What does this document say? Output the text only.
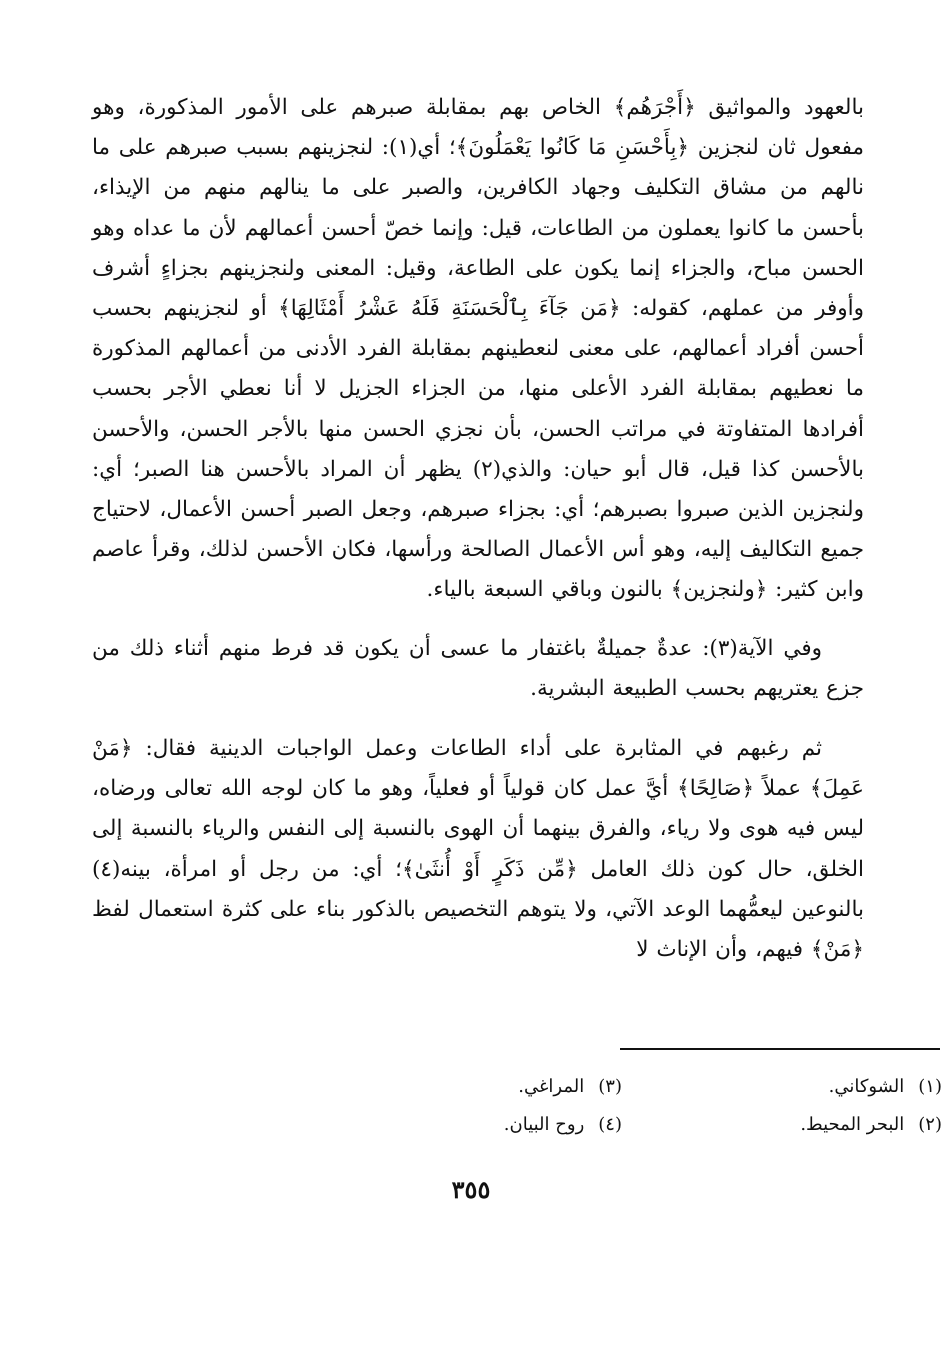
بالعهود والمواثيق ﴿أَجْرَهُم﴾ الخاص بهم بمقابلة صبرهم على الأمور المذكورة، وهو مفعول ثان لنجزين ﴿بِأَحْسَنِ مَا كَانُوا يَعْمَلُونَ﴾؛ أي(١): لنجزينهم بسبب صبرهم على ما نالهم من مشاق التكليف وجهاد الكافرين، والصبر على ما ينالهم منهم من الإيذاء، بأحسن ما كانوا يعملون من الطاعات، قيل: وإنما خصّ أحسن أعمالهم لأن ما عداه وهو الحسن مباح، والجزاء إنما يكون على الطاعة، وقيل: المعنى ولنجزينهم بجزاءٍ أشرف وأوفر من عملهم، كقوله: ﴿مَن جَآءَ بِٱلْحَسَنَةِ فَلَهُ عَشْرُ أَمْثَالِهَا﴾ أو لنجزينهم بحسب أحسن أفراد أعمالهم، على معنى لنعطينهم بمقابلة الفرد الأدنى من أعمالهم المذكورة ما نعطيهم بمقابلة الفرد الأعلى منها، من الجزاء الجزيل لا أنا نعطي الأجر بحسب أفرادها المتفاوتة في مراتب الحسن، بأن نجزي الحسن منها بالأجر الحسن، والأحسن بالأحسن كذا قيل، قال أبو حيان: والذي(٢) يظهر أن المراد بالأحسن هنا الصبر؛ أي: ولنجزين الذين صبروا بصبرهم؛ أي: بجزاء صبرهم، وجعل الصبر أحسن الأعمال، لاحتياج جميع التكاليف إليه، وهو أس الأعمال الصالحة ورأسها، فكان الأحسن لذلك، وقرأ عاصم وابن كثير: ﴿ولنجزين﴾ بالنون وباقي السبعة بالياء.

وفي الآية(٣): عدةٌ جميلةٌ باغتفار ما عسى أن يكون قد فرط منهم أثناء ذلك من جزع يعتريهم بحسب الطبيعة البشرية.

ثم رغبهم في المثابرة على أداء الطاعات وعمل الواجبات الدينية فقال: ﴿مَنْ عَمِلَ﴾ عملاً ﴿صَالِحًا﴾ أيَّ عمل كان قولياً أو فعلياً، وهو ما كان لوجه الله تعالى ورضاه، ليس فيه هوى ولا رياء، والفرق بينهما أن الهوى بالنسبة إلى النفس والرياء بالنسبة إلى الخلق، حال كون ذلك العامل ﴿مِّن ذَكَرٍ أَوْ أُنثَىٰ﴾؛ أي: من رجل أو امرأة، بينه(٤) بالنوعين ليعمُّهما الوعد الآتي، ولا يتوهم التخصيص بالذكور بناء على كثرة استعمال لفظ ﴿مَنْ﴾ فيهم، وأن الإناث لا

(١)الشوكاني.
(٣)المراغي.
(٢)البحر المحيط.
(٤)روح البيان.
٣٥٥
